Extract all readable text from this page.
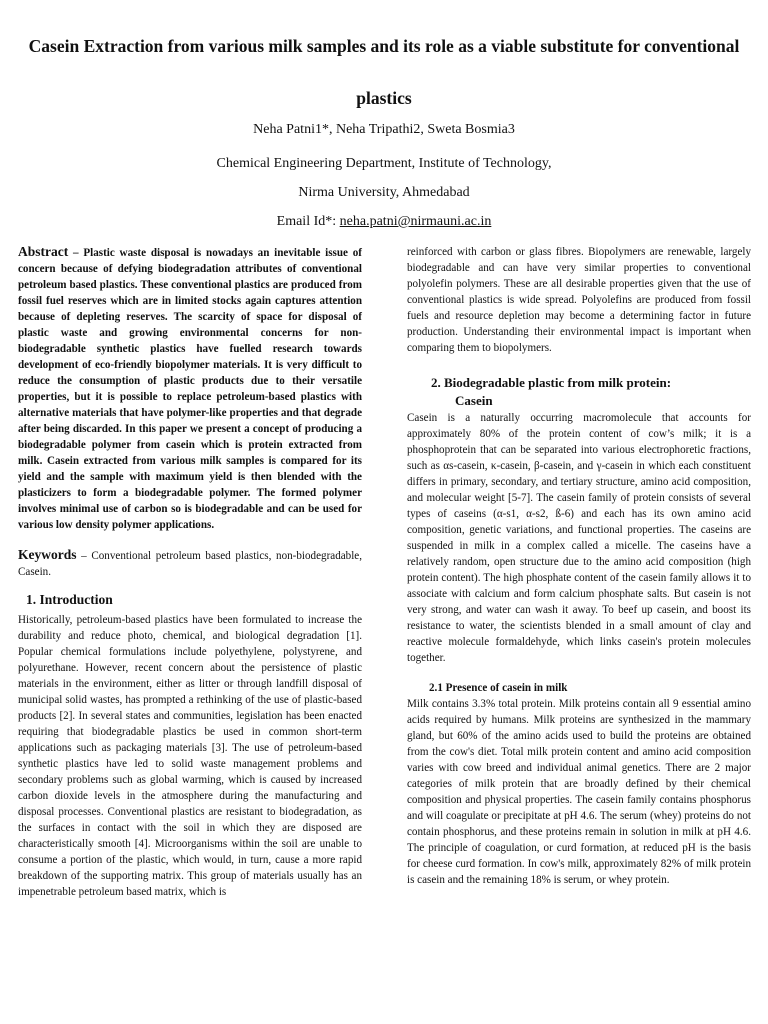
Casein Extraction from various milk samples and its role as a viable substitute for conventional plastics
Neha Patni1*, Neha Tripathi2, Sweta Bosmia3
Chemical Engineering Department, Institute of Technology,
Nirma University, Ahmedabad
Email Id*: neha.patni@nirmauni.ac.in

Abstract – Plastic waste disposal is nowadays an inevitable issue of concern because of defying biodegradation attributes of conventional petroleum based plastics. These conventional plastics are produced from fossil fuel reserves which are in limited stocks again captures attention because of depleting reserves. The scarcity of space for disposal of plastic waste and growing environmental concerns for non-biodegradable synthetic plastics have fuelled research towards development of eco-friendly biopolymer materials. It is very difficult to reduce the consumption of plastic products due to their versatile properties, but it is possible to replace petroleum-based plastics with alternative materials that have polymer-like properties and that degrade after being discarded. In this paper we present a concept of producing a biodegradable polymer from casein which is protein extracted from milk. Casein extracted from various milk samples is compared for its yield and the sample with maximum yield is then blended with the plasticizers to form a biodegradable polymer. The formed polymer involves minimal use of carbon so is biodegradable and can be used for various low density polymer applications.

Keywords – Conventional petroleum based plastics, non-biodegradable, Casein.

1. Introduction

Historically, petroleum-based plastics have been formulated to increase the durability and reduce photo, chemical, and biological degradation [1]. Popular chemical formulations include polyethylene, polystyrene, and polyurethane. However, recent concern about the persistence of plastic materials in the environment, either as litter or through landfill disposal of municipal solid wastes, has prompted a rethinking of the use of plastic-based products [2]. In several states and communities, legislation has been enacted requiring that biodegradable plastics be used in common short-term applications such as packaging materials [3]. The use of petroleum-based synthetic plastics have led to solid waste management problems and secondary problems such as global warming, which is caused by increased carbon dioxide levels in the atmosphere during the manufacturing and disposal processes. Conventional plastics are resistant to biodegradation, as the surfaces in contact with the soil in which they are disposed are characteristically smooth [4]. Microorganisms within the soil are unable to consume a portion of the plastic, which would, in turn, cause a more rapid breakdown of the supporting matrix. This group of materials usually has an impenetrable petroleum based matrix, which is

reinforced with carbon or glass fibres. Biopolymers are renewable, largely biodegradable and can have very similar properties to conventional polyolefin polymers. These are all desirable properties given that the use of conventional plastics is wide spread. Polyolefins are produced from fossil fuels and resource depletion may become a determining factor in future production. Understanding their environmental impact is important when comparing them to biopolymers.

2. Biodegradable plastic from milk protein:

Casein

Casein is a naturally occurring macromolecule that accounts for approximately 80% of the protein content of cow’s milk; it is a phosphoprotein that can be separated into various electrophoretic fractions, such as αs-casein, κ-casein, β-casein, and γ-casein in which each constituent differs in primary, secondary, and tertiary structure, amino acid composition, and molecular weight [5-7]. The casein family of protein consists of several types of caseins (α-s1, α-s2, ß-6) and each has its own amino acid composition, genetic variations, and functional properties. The caseins are suspended in milk in a complex called a micelle. The caseins have a relatively random, open structure due to the amino acid composition (high protein content). The high phosphate content of the casein family allows it to associate with calcium and form calcium phosphate salts. But casein is not very strong, and water can wash it away. To beef up casein, and boost its resistance to water, the scientists blended in a small amount of clay and reactive molecule formaldehyde, which links casein's protein molecules together.

2.1 Presence of casein in milk

Milk contains 3.3% total protein. Milk proteins contain all 9 essential amino acids required by humans. Milk proteins are synthesized in the mammary gland, but 60% of the amino acids used to build the proteins are obtained from the cow's diet. Total milk protein content and amino acid composition varies with cow breed and individual animal genetics. There are 2 major categories of milk protein that are broadly defined by their chemical composition and physical properties. The casein family contains phosphorus and will coagulate or precipitate at pH 4.6. The serum (whey) proteins do not contain phosphorus, and these proteins remain in solution in milk at pH 4.6. The principle of coagulation, or curd formation, at reduced pH is the basis for cheese curd formation. In cow's milk, approximately 82% of milk protein is casein and the remaining 18% is serum, or whey protein.
